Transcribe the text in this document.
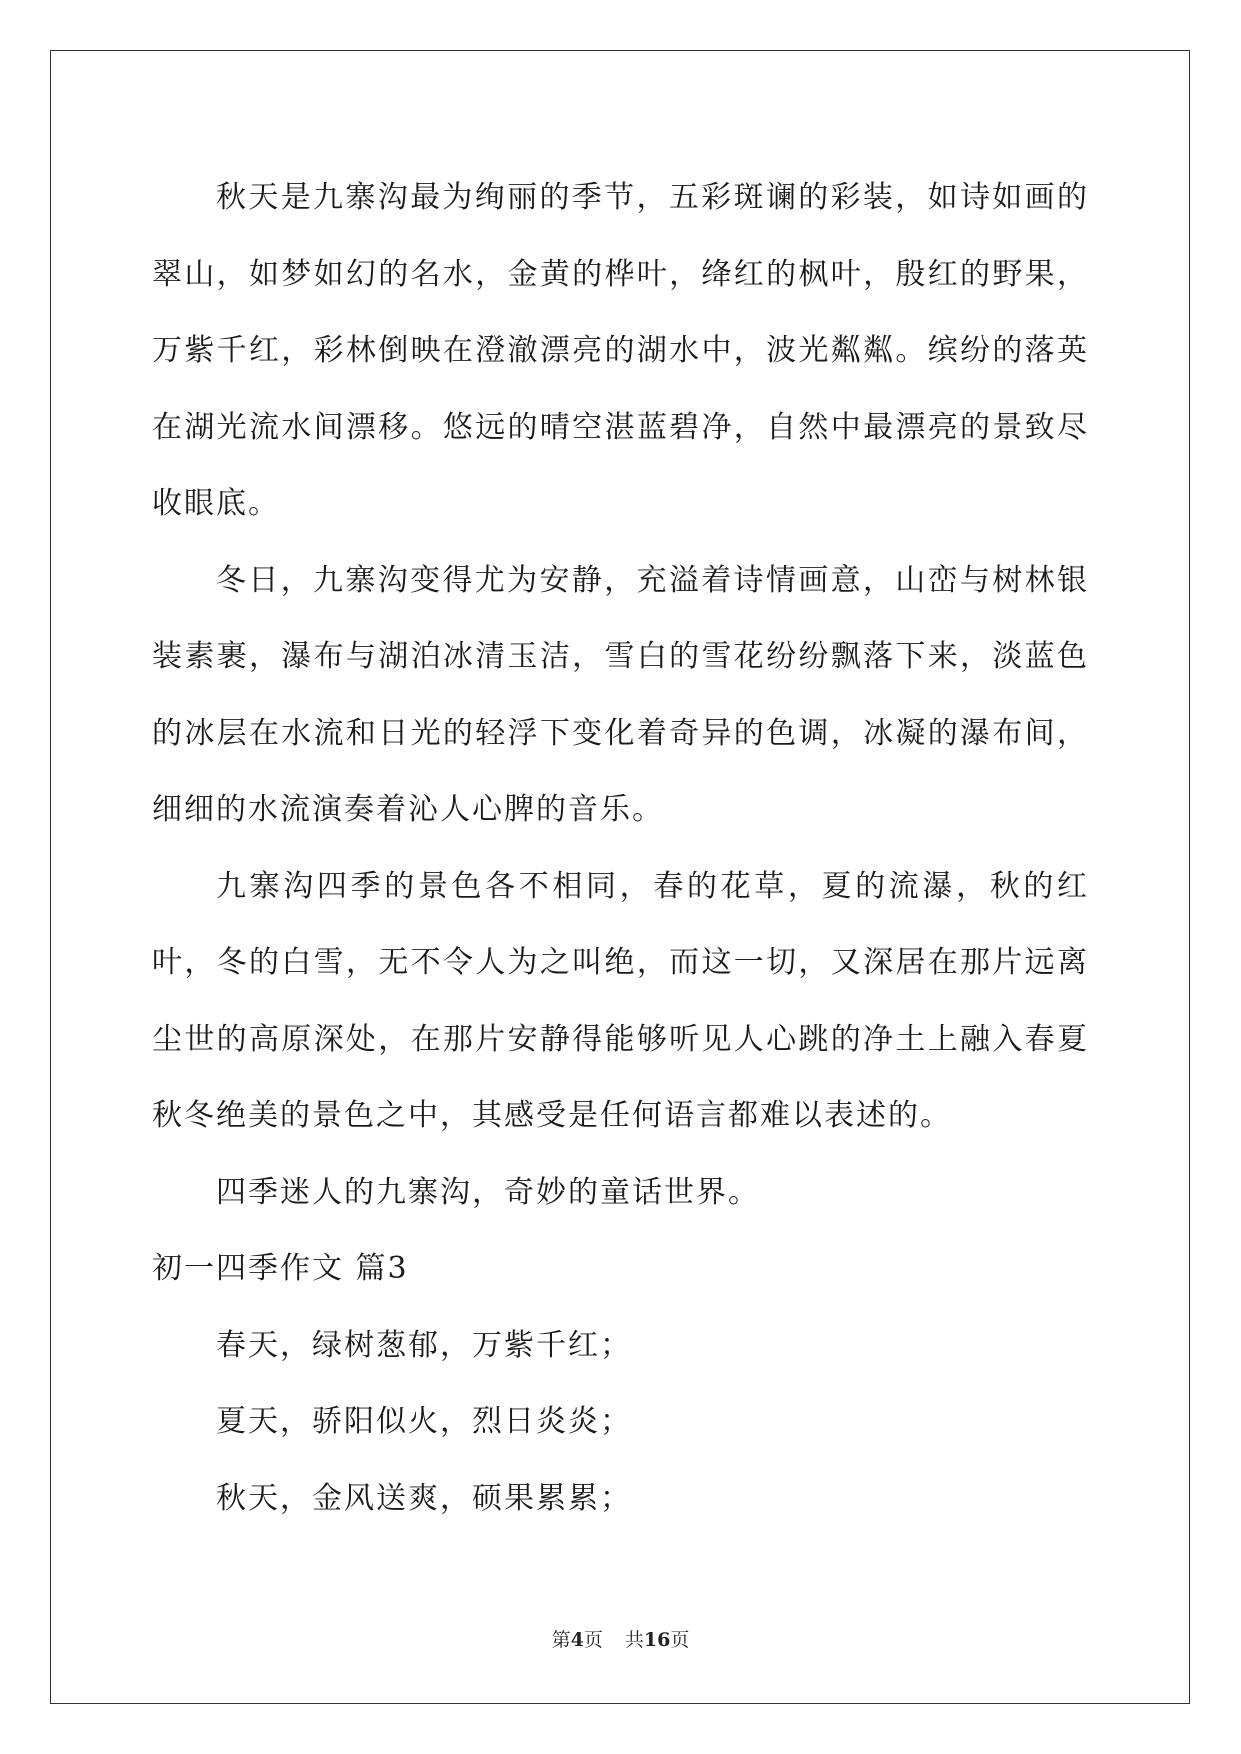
秋天是九寨沟最为绚丽的季节，五彩斑谰的彩装，如诗如画的翠山，如梦如幻的名水，金黄的桦叶，绛红的枫叶，殷红的野果，万紫千红，彩林倒映在澄澈漂亮的湖水中，波光粼粼。缤纷的落英在湖光流水间漂移。悠远的晴空湛蓝碧净，自然中最漂亮的景致尽收眼底。

冬日，九寨沟变得尤为安静，充溢着诗情画意，山峦与树林银装素裹，瀑布与湖泊冰清玉洁，雪白的雪花纷纷飘落下来，淡蓝色的冰层在水流和日光的轻浮下变化着奇异的色调，冰凝的瀑布间，细细的水流演奏着沁人心脾的音乐。

九寨沟四季的景色各不相同，春的花草，夏的流瀑，秋的红叶，冬的白雪，无不令人为之叫绝，而这一切，又深居在那片远离尘世的高原深处，在那片安静得能够听见人心跳的净土上融入春夏秋冬绝美的景色之中，其感受是任何语言都难以表述的。

四季迷人的九寨沟，奇妙的童话世界。

初一四季作文 篇3

春天，绿树葱郁，万紫千红；

夏天，骄阳似火，烈日炎炎；

秋天，金风送爽，硕果累累；

第4页 共16页
